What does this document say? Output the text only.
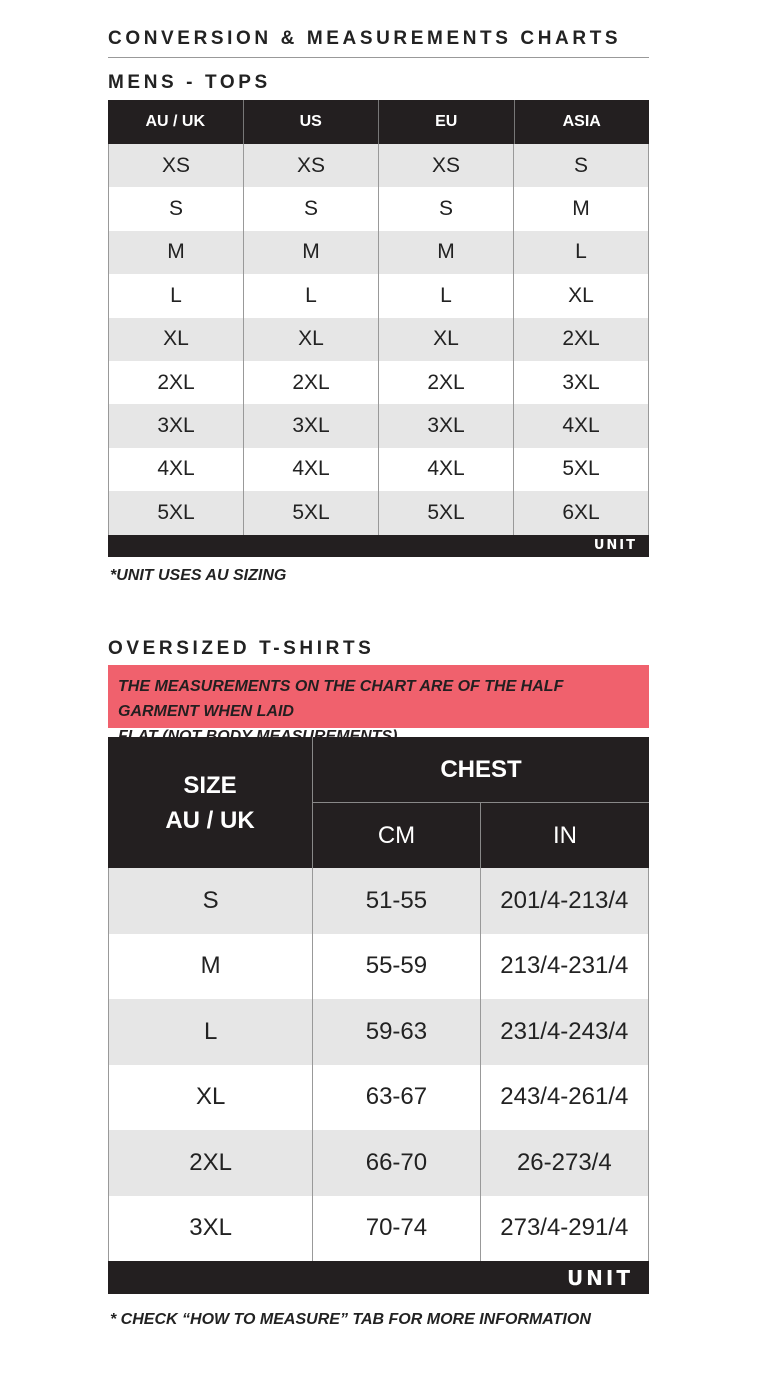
CONVERSION & MEASUREMENTS CHARTS
MENS - TOPS
AU / UK	US	EU	ASIA
XS	XS	XS	S
S	S	S	M
M	M	M	L
L	L	L	XL
XL	XL	XL	2XL
2XL	2XL	2XL	3XL
3XL	3XL	3XL	4XL
4XL	4XL	4XL	5XL
5XL	5XL	5XL	6XL
UNIT

*UNIT USES AU SIZING

OVERSIZED T-SHIRTS

THE MEASUREMENTS ON THE CHART ARE OF THE HALF GARMENT WHEN LAID

SIZE
AU / UK
CHEST
CM	IN
S	51-55	201/4-213/4
M	55-59	213/4-231/4
L	59-63	231/4-243/4
XL	63-67	243/4-261/4
2XL	66-70	26-273/4
3XL	70-74	273/4-291/4
UNIT

* CHECK “HOW TO MEASURE” TAB FOR MORE INFORMATION
